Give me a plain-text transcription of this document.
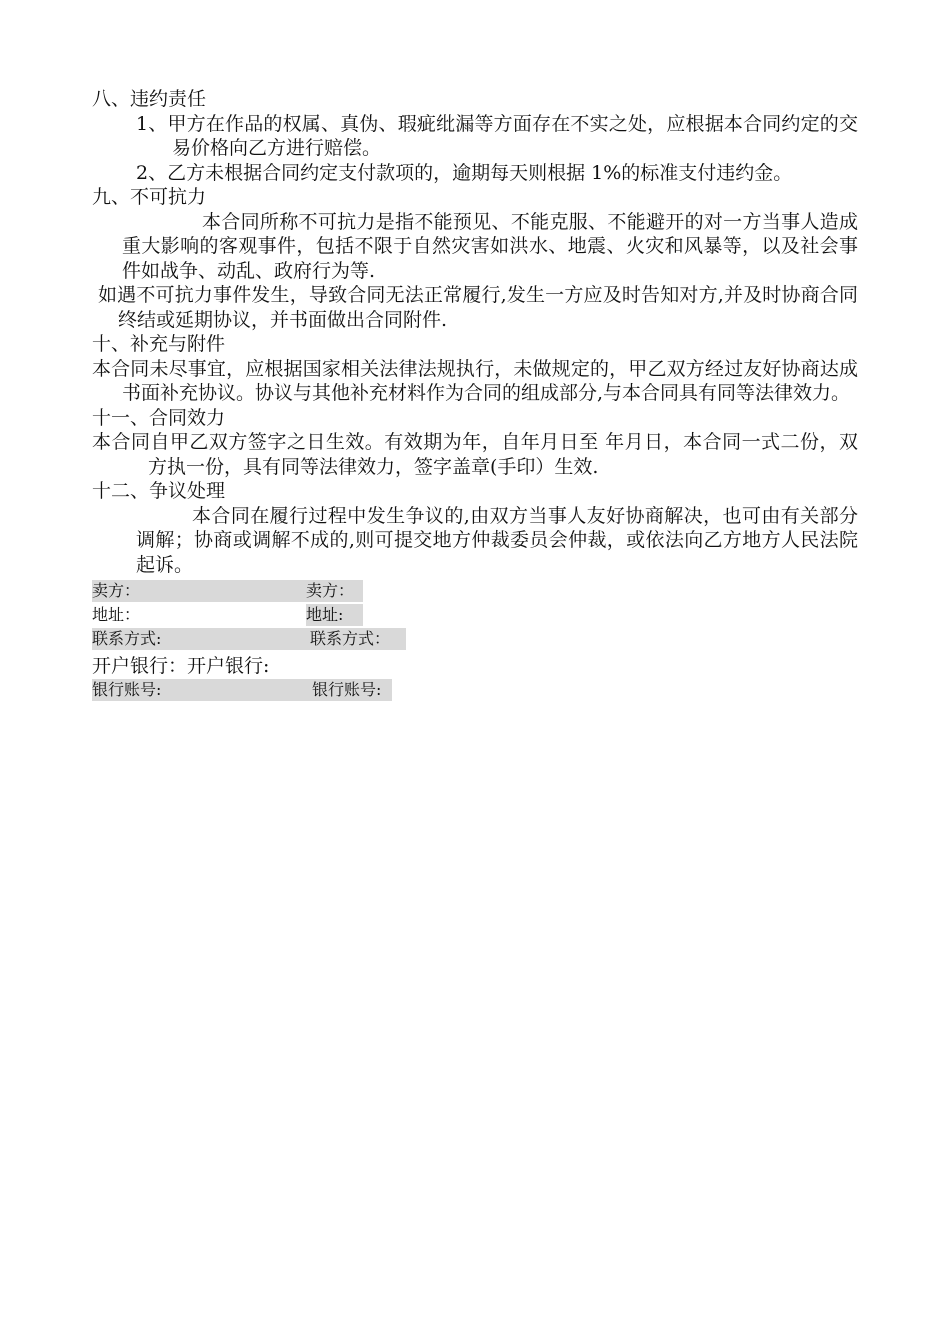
八、违约责任

1、甲方在作品的权属、真伪、瑕疵纰漏等方面存在不实之处，应根据本合同约定的交易价格向乙方进行赔偿。

2、乙方未根据合同约定支付款项的，逾期每天则根据 1%的标准支付违约金。

九、不可抗力

本合同所称不可抗力是指不能预见、不能克服、不能避开的对一方当事人造成重大影响的客观事件，包括不限于自然灾害如洪水、地震、火灾和风暴等，以及社会事件如战争、动乱、政府行为等.

如遇不可抗力事件发生，导致合同无法正常履行,发生一方应及时告知对方,并及时协商合同终结或延期协议，并书面做出合同附件.

十、补充与附件

本合同未尽事宜，应根据国家相关法律法规执行，未做规定的，甲乙双方经过友好协商达成书面补充协议。协议与其他补充材料作为合同的组成部分,与本合同具有同等法律效力。

十一、合同效力

本合同自甲乙双方签字之日生效。有效期为年，自年月日至 年月日，本合同一式二份，双方执一份，具有同等法律效力，签字盖章(手印）生效.

十二、争议处理

本合同在履行过程中发生争议的,由双方当事人友好协商解决，也可由有关部分调解；协商或调解不成的,则可提交地方仲裁委员会仲裁，或依法向乙方地方人民法院起诉。

卖方：	卖方：
地址：	地址:
联系方式:	联系方式：
开户银行： 开户银行:
银行账号:	银行账号:
